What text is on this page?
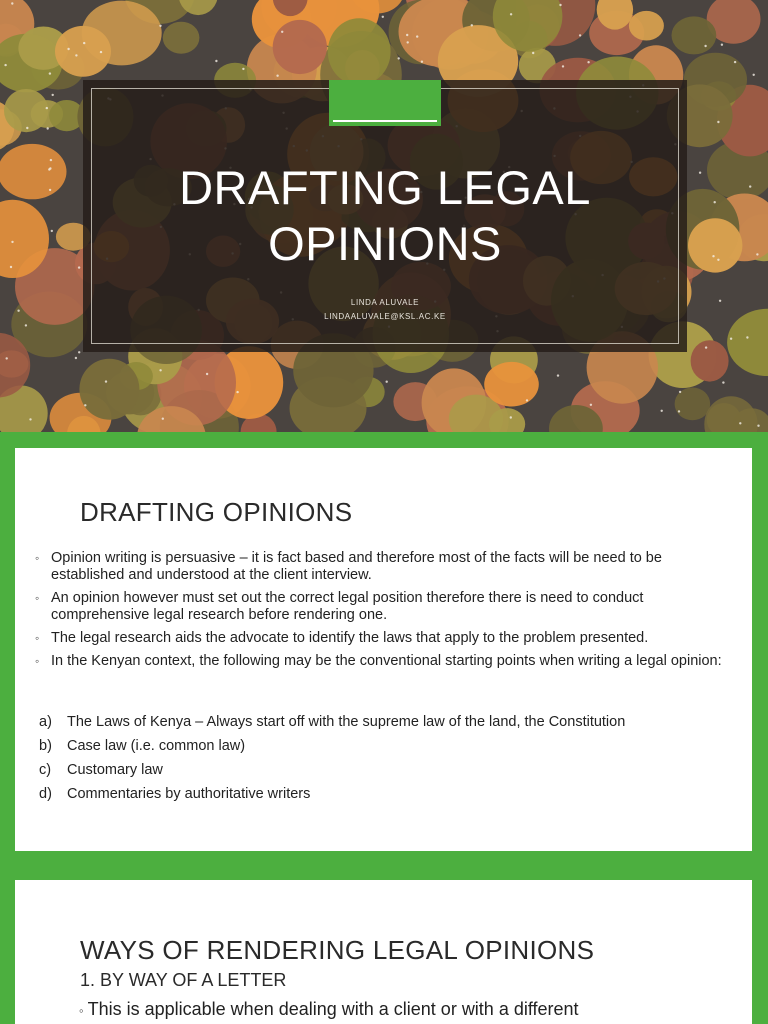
DRAFTING LEGAL
OPINIONS
LINDA ALUVALE
LINDAALUVALE@KSL.AC.KE
DRAFTING OPINIONS
◦ Opinion writing is persuasive – it is fact based and therefore most of the facts will be need to be established and understood at the client interview.
◦ An opinion however must set out the correct legal position therefore there is need to conduct comprehensive legal research before rendering one.
◦ The legal research aids the advocate to identify the laws that apply to the problem presented.
◦ In the Kenyan context, the following may be the conventional starting points when writing a legal opinion:
a) The Laws of Kenya – Always start off with the supreme law of the land, the Constitution
b) Case law (i.e. common law)
c) Customary law
d) Commentaries by authoritative writers
WAYS OF RENDERING LEGAL OPINIONS
1. BY WAY OF A LETTER
◦ This is applicable when dealing with a client or with a different
